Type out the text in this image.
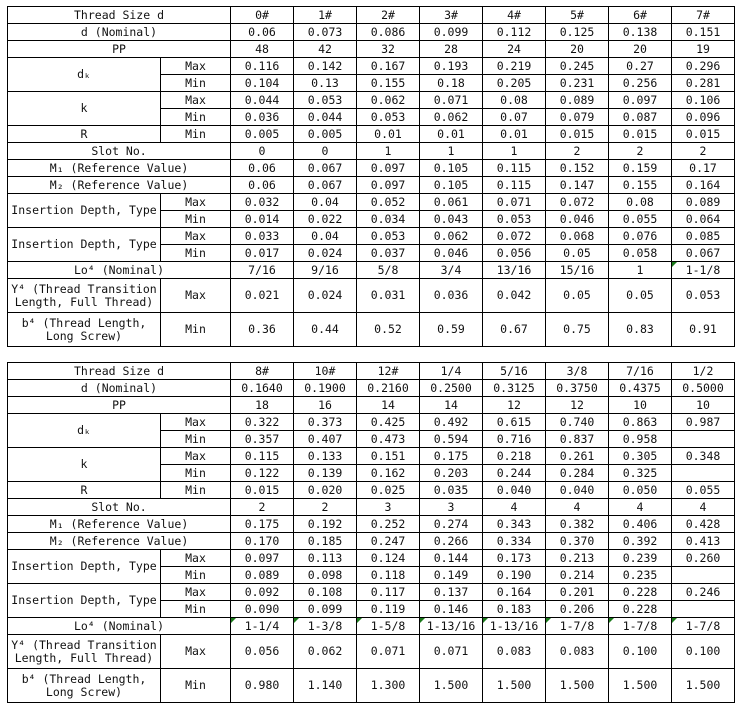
Thread Size d		0#	1#	2#	3#	4#	5#	6#	7#
d (Nominal)		0.06	0.073	0.086	0.099	0.112	0.125	0.138	0.151
PP		48	42	32	28	24	20	20	19
dₖ	Max	0.116	0.142	0.167	0.193	0.219	0.245	0.27	0.296
	Min	0.104	0.13	0.155	0.18	0.205	0.231	0.256	0.281
k	Max	0.044	0.053	0.062	0.071	0.08	0.089	0.097	0.106
	Min	0.036	0.044	0.053	0.062	0.07	0.079	0.087	0.096
R	Min	0.005	0.005	0.01	0.01	0.01	0.015	0.015	0.015
Slot No.		0	0	1	1	1	2	2	2
M₁ (Reference Value)		0.06	0.067	0.097	0.105	0.115	0.152	0.159	0.17
M₂ (Reference Value)		0.06	0.067	0.097	0.105	0.115	0.147	0.155	0.164
Insertion Depth, Type	Max	0.032	0.04	0.052	0.061	0.071	0.072	0.08	0.089
	Min	0.014	0.022	0.034	0.043	0.053	0.046	0.055	0.064
Insertion Depth, Type	Max	0.033	0.04	0.053	0.062	0.072	0.068	0.076	0.085
	Min	0.017	0.024	0.037	0.046	0.056	0.05	0.058	0.067
Lo⁴ (Nominal)		7/16	9/16	5/8	3/4	13/16	15/16	1	1-1/8
Y⁴ (Thread Transition Length, Full Thread)	Max	0.021	0.024	0.031	0.036	0.042	0.05	0.05	0.053
b⁴ (Thread Length, Long Screw)	Min	0.36	0.44	0.52	0.59	0.67	0.75	0.83	0.91
Thread Size d		8#	10#	12#	1/4	5/16	3/8	7/16	1/2
d (Nominal)		0.1640	0.1900	0.2160	0.2500	0.3125	0.3750	0.4375	0.5000
PP		18	16	14	14	12	12	10	10
dₖ	Max	0.322	0.373	0.425	0.492	0.615	0.740	0.863	0.987
	Min	0.357	0.407	0.473	0.594	0.716	0.837	0.958	
k	Max	0.115	0.133	0.151	0.175	0.218	0.261	0.305	0.348
	Min	0.122	0.139	0.162	0.203	0.244	0.284	0.325	
R	Min	0.015	0.020	0.025	0.035	0.040	0.040	0.050	0.055
Slot No.		2	2	3	3	4	4	4	4
M₁ (Reference Value)		0.175	0.192	0.252	0.274	0.343	0.382	0.406	0.428
M₂ (Reference Value)		0.170	0.185	0.247	0.266	0.334	0.370	0.392	0.413
Insertion Depth, Type	Max	0.097	0.113	0.124	0.144	0.173	0.213	0.239	0.260
	Min	0.089	0.098	0.118	0.149	0.190	0.214	0.235	
Insertion Depth, Type	Max	0.092	0.108	0.117	0.137	0.164	0.201	0.228	0.246
	Min	0.090	0.099	0.119	0.146	0.183	0.206	0.228	
Lo⁴ (Nominal)		1-1/4	1-3/8	1-5/8	1-13/16	1-13/16	1-7/8	1-7/8	1-7/8
Y⁴ (Thread Transition Length, Full Thread)	Max	0.056	0.062	0.071	0.071	0.083	0.083	0.100	0.100
b⁴ (Thread Length, Long Screw)	Min	0.980	1.140	1.300	1.500	1.500	1.500	1.500	1.500
